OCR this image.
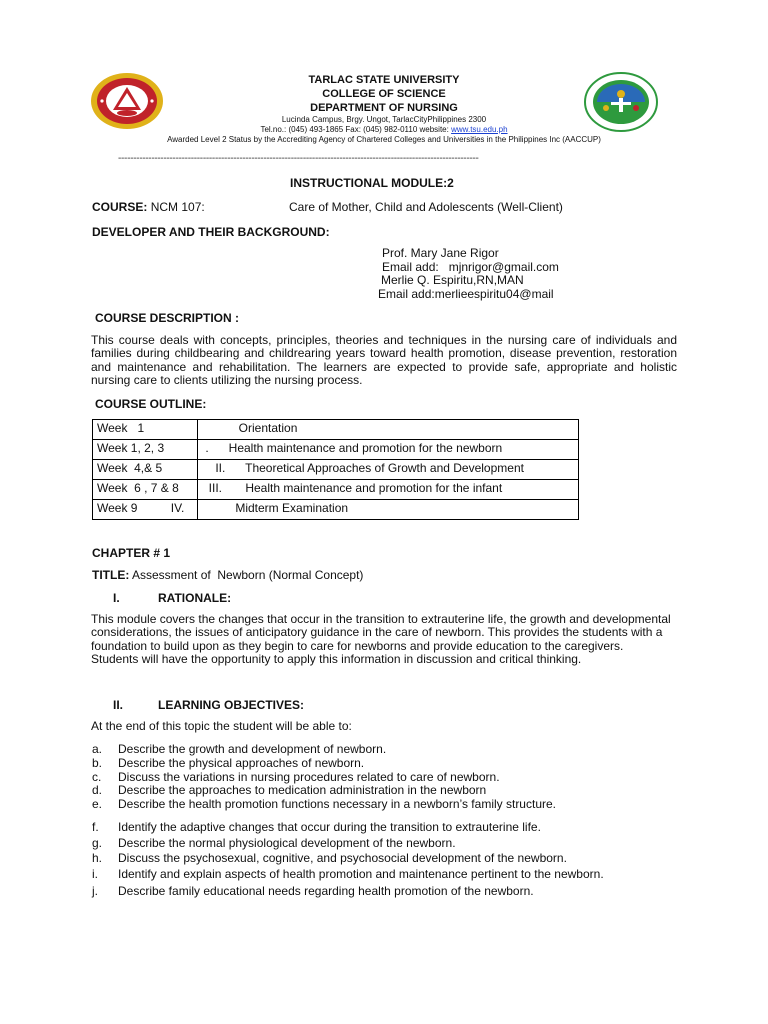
TARLAC STATE UNIVERSITY
COLLEGE OF SCIENCE
DEPARTMENT OF NURSING
Lucinda Campus, Brgy. Ungot, TarlacCityPhilippines 2300
Tel.no.: (045) 493-1865 Fax: (045) 982-0110 website: www.tsu.edu.ph
Awarded Level 2 Status by the Accrediting Agency of Chartered Colleges and Universities in the Philippines Inc (AACCUP)
-----------------------------------------------------------------------------------------------------------------------
INSTRUCTIONAL MODULE:2
COURSE: NCM 107:	Care of Mother, Child and Adolescents (Well-Client)
DEVELOPER AND THEIR BACKGROUND:
Prof. Mary Jane Rigor
Email add:   mjnrigor@gmail.com
Merlie Q. Espiritu,RN,MAN
Email add:merlieespiritu04@mail
COURSE DESCRIPTION :
This course deals with concepts, principles, theories and techniques in the nursing care of individuals and families during childbearing and childrearing years toward health promotion, disease prevention, restoration and maintenance and rehabilitation. The learners are expected to provide safe, appropriate and holistic nursing care to clients utilizing the nursing process.
COURSE OUTLINE:
Week   1	Orientation
Week 1, 2, 3	.      Health maintenance and promotion for the newborn
Week  4,& 5	II.      Theoretical Approaches of Growth and Development
Week  6 , 7 & 8	III.       Health maintenance and promotion for the infant
Week 9          IV.	Midterm Examination
CHAPTER # 1
TITLE: Assessment of  Newborn (Normal Concept)
I.	RATIONALE:
This module covers the changes that occur in the transition to extrauterine life, the growth and developmental considerations, the issues of anticipatory guidance in the care of newborn. This provides the students with a foundation to build upon as they begin to care for newborns and provide education to the caregivers. Students will have the opportunity to apply this information in discussion and critical thinking.
II.	LEARNING OBJECTIVES:
At the end of this topic the student will be able to:
a. Describe the growth and development of newborn.
b. Describe the physical approaches of newborn.
c. Discuss the variations in nursing procedures related to care of newborn.
d. Describe the approaches to medication administration in the newborn
e. Describe the health promotion functions necessary in a newborn’s family structure.
f. Identify the adaptive changes that occur during the transition to extrauterine life.
g. Describe the normal physiological development of the newborn.
h. Discuss the psychosexual, cognitive, and psychosocial development of the newborn.
i. Identify and explain aspects of health promotion and maintenance pertinent to the newborn.
j. Describe family educational needs regarding health promotion of the newborn.
